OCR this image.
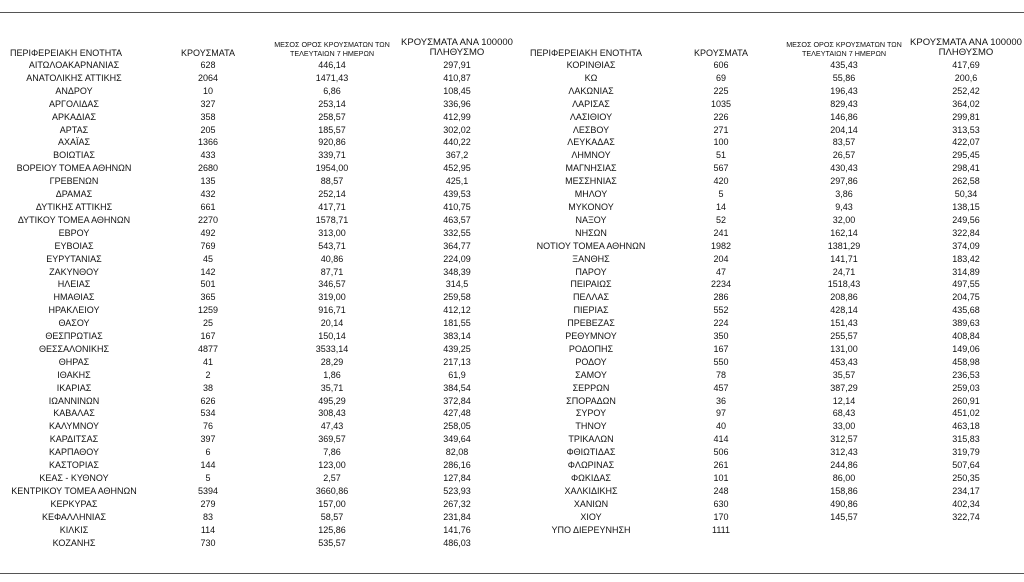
ΠΕΡΙΦΕΡΕΙΑΚΗ ΕΝΟΤΗΤΑ	ΚΡΟΥΣΜΑΤΑ	ΜΕΣΟΣ ΟΡΟΣ ΚΡΟΥΣΜΑΤΩΝ ΤΩΝ ΤΕΛΕΥΤΑΙΩΝ 7 ΗΜΕΡΩΝ	ΚΡΟΥΣΜΑΤΑ ΑΝΑ 100000 ΠΛΗΘΥΣΜΟ
ΑΙΤΩΛΟΑΚΑΡΝΑΝΙΑΣ	628	446,14	297,91
ΑΝΑΤΟΛΙΚΗΣ ΑΤΤΙΚΗΣ	2064	1471,43	410,87
ΑΝΔΡΟΥ	10	6,86	108,45
ΑΡΓΟΛΙΔΑΣ	327	253,14	336,96
ΑΡΚΑΔΙΑΣ	358	258,57	412,99
ΑΡΤΑΣ	205	185,57	302,02
ΑΧΑΪΑΣ	1366	920,86	440,22
ΒΟΙΩΤΙΑΣ	433	339,71	367,2
ΒΟΡΕΙΟΥ ΤΟΜΕΑ ΑΘΗΝΩΝ	2680	1954,00	452,95
ΓΡΕΒΕΝΩΝ	135	88,57	425,1
ΔΡΑΜΑΣ	432	252,14	439,53
ΔΥΤΙΚΗΣ ΑΤΤΙΚΗΣ	661	417,71	410,75
ΔΥΤΙΚΟΥ ΤΟΜΕΑ ΑΘΗΝΩΝ	2270	1578,71	463,57
ΕΒΡΟΥ	492	313,00	332,55
ΕΥΒΟΙΑΣ	769	543,71	364,77
ΕΥΡΥΤΑΝΙΑΣ	45	40,86	224,09
ΖΑΚΥΝΘΟΥ	142	87,71	348,39
ΗΛΕΙΑΣ	501	346,57	314,5
ΗΜΑΘΙΑΣ	365	319,00	259,58
ΗΡΑΚΛΕΙΟΥ	1259	916,71	412,12
ΘΑΣΟΥ	25	20,14	181,55
ΘΕΣΠΡΩΤΙΑΣ	167	150,14	383,14
ΘΕΣΣΑΛΟΝΙΚΗΣ	4877	3533,14	439,25
ΘΗΡΑΣ	41	28,29	217,13
ΙΘΑΚΗΣ	2	1,86	61,9
ΙΚΑΡΙΑΣ	38	35,71	384,54
ΙΩΑΝΝΙΝΩΝ	626	495,29	372,84
ΚΑΒΑΛΑΣ	534	308,43	427,48
ΚΑΛΥΜΝΟΥ	76	47,43	258,05
ΚΑΡΔΙΤΣΑΣ	397	369,57	349,64
ΚΑΡΠΑΘΟΥ	6	7,86	82,08
ΚΑΣΤΟΡΙΑΣ	144	123,00	286,16
ΚΕΑΣ - ΚΥΘΝΟΥ	5	2,57	127,84
ΚΕΝΤΡΙΚΟΥ ΤΟΜΕΑ ΑΘΗΝΩΝ	5394	3660,86	523,93
ΚΕΡΚΥΡΑΣ	279	157,00	267,32
ΚΕΦΑΛΛΗΝΙΑΣ	83	58,57	231,84
ΚΙΛΚΙΣ	114	125,86	141,76
ΚΟΖΑΝΗΣ	730	535,57	486,03
ΠΕΡΙΦΕΡΕΙΑΚΗ ΕΝΟΤΗΤΑ	ΚΡΟΥΣΜΑΤΑ	ΜΕΣΟΣ ΟΡΟΣ ΚΡΟΥΣΜΑΤΩΝ ΤΩΝ ΤΕΛΕΥΤΑΙΩΝ 7 ΗΜΕΡΩΝ	ΚΡΟΥΣΜΑΤΑ ΑΝΑ 100000 ΠΛΗΘΥΣΜΟ
ΚΟΡΙΝΘΙΑΣ	606	435,43	417,69
ΚΩ	69	55,86	200,6
ΛΑΚΩΝΙΑΣ	225	196,43	252,42
ΛΑΡΙΣΑΣ	1035	829,43	364,02
ΛΑΣΙΘΙΟΥ	226	146,86	299,81
ΛΕΣΒΟΥ	271	204,14	313,53
ΛΕΥΚΑΔΑΣ	100	83,57	422,07
ΛΗΜΝΟΥ	51	26,57	295,45
ΜΑΓΝΗΣΙΑΣ	567	430,43	298,41
ΜΕΣΣΗΝΙΑΣ	420	297,86	262,58
ΜΗΛΟΥ	5	3,86	50,34
ΜΥΚΟΝΟΥ	14	9,43	138,15
ΝΑΞΟΥ	52	32,00	249,56
ΝΗΣΩΝ	241	162,14	322,84
ΝΟΤΙΟΥ ΤΟΜΕΑ ΑΘΗΝΩΝ	1982	1381,29	374,09
ΞΑΝΘΗΣ	204	141,71	183,42
ΠΑΡΟΥ	47	24,71	314,89
ΠΕΙΡΑΙΩΣ	2234	1518,43	497,55
ΠΕΛΛΑΣ	286	208,86	204,75
ΠΙΕΡΙΑΣ	552	428,14	435,68
ΠΡΕΒΕΖΑΣ	224	151,43	389,63
ΡΕΘΥΜΝΟΥ	350	255,57	408,84
ΡΟΔΟΠΗΣ	167	131,00	149,06
ΡΟΔΟΥ	550	453,43	458,98
ΣΑΜΟΥ	78	35,57	236,53
ΣΕΡΡΩΝ	457	387,29	259,03
ΣΠΟΡΑΔΩΝ	36	12,14	260,91
ΣΥΡΟΥ	97	68,43	451,02
ΤΗΝΟΥ	40	33,00	463,18
ΤΡΙΚΑΛΩΝ	414	312,57	315,83
ΦΘΙΩΤΙΔΑΣ	506	312,43	319,79
ΦΛΩΡΙΝΑΣ	261	244,86	507,64
ΦΩΚΙΔΑΣ	101	86,00	250,35
ΧΑΛΚΙΔΙΚΗΣ	248	158,86	234,17
ΧΑΝΙΩΝ	630	490,86	402,34
ΧΙΟΥ	170	145,57	322,74
ΥΠΟ ΔΙΕΡΕΥΝΗΣΗ	1111		
